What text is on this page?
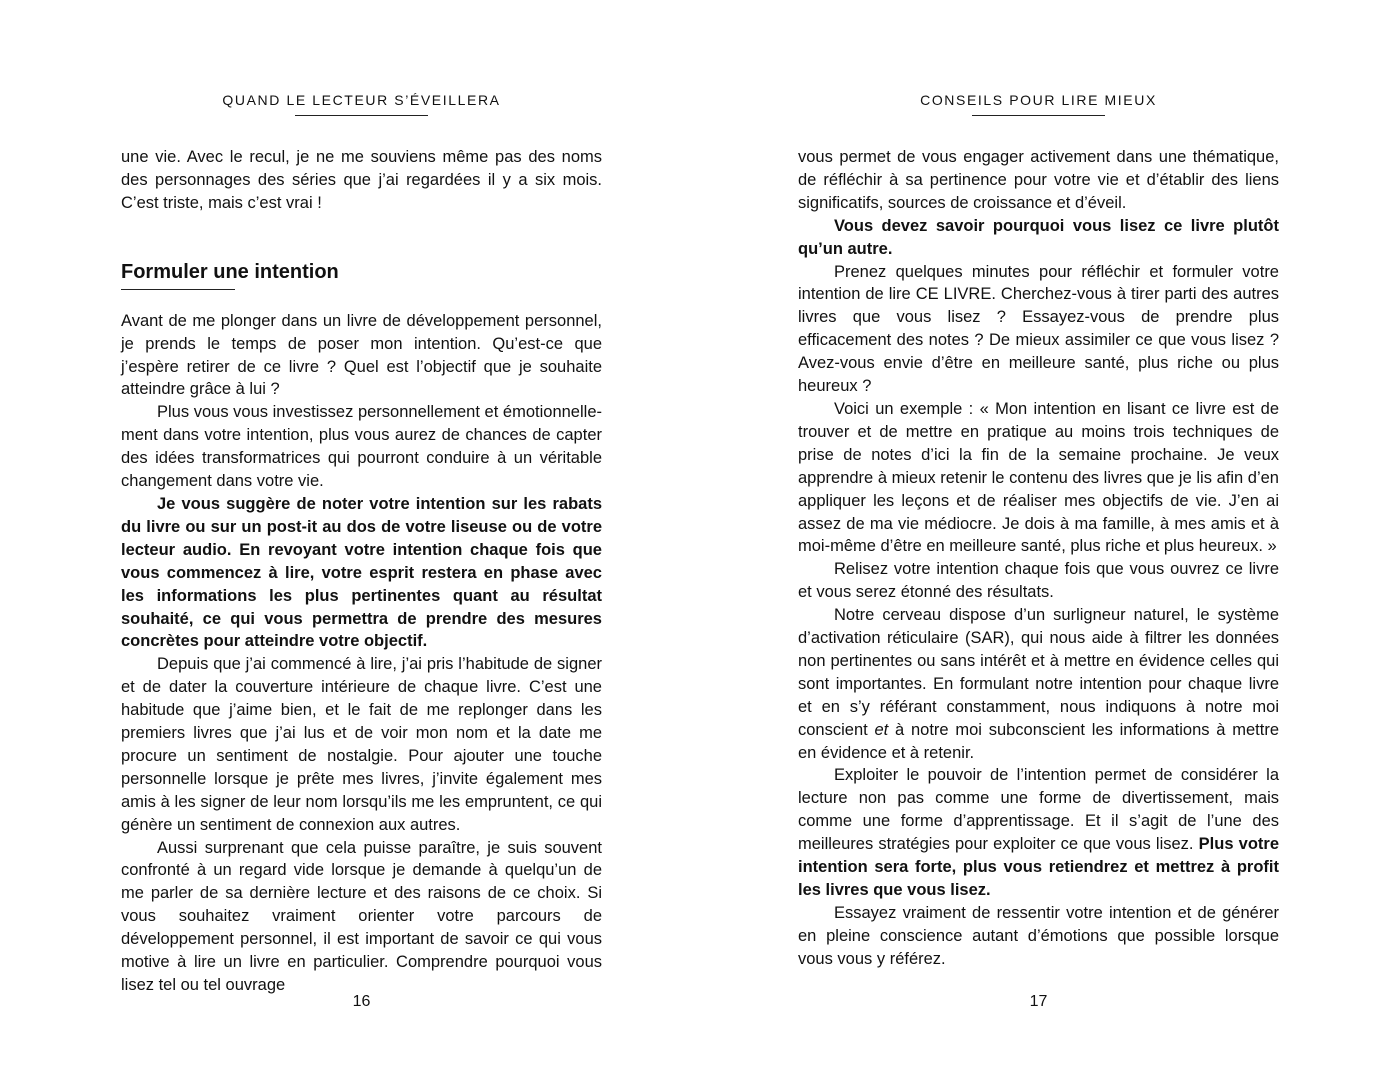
QUAND LE LECTEUR S’ÉVEILLERA

une vie. Avec le recul, je ne me souviens même pas des noms des personnages des séries que j’ai regardées il y a six mois. C’est triste, mais c’est vrai !

Formuler une intention

Avant de me plonger dans un livre de développement personnel, je prends le temps de poser mon intention. Qu’est-ce que j’espère retirer de ce livre ? Quel est l’objectif que je souhaite atteindre grâce à lui ?

Plus vous vous investissez personnellement et émotionnellement dans votre intention, plus vous aurez de chances de capter des idées transformatrices qui pourront conduire à un véritable changement dans votre vie.

Je vous suggère de noter votre intention sur les rabats du livre ou sur un post-it au dos de votre liseuse ou de votre lecteur audio. En revoyant votre intention chaque fois que vous commencez à lire, votre esprit restera en phase avec les informations les plus pertinentes quant au résultat souhaité, ce qui vous permettra de prendre des mesures concrètes pour atteindre votre objectif.

Depuis que j’ai commencé à lire, j’ai pris l’habitude de signer et de dater la couverture intérieure de chaque livre. C’est une habitude que j’aime bien, et le fait de me replonger dans les premiers livres que j’ai lus et de voir mon nom et la date me procure un sentiment de nostalgie. Pour ajouter une touche personnelle lorsque je prête mes livres, j’invite également mes amis à les signer de leur nom lorsqu’ils me les empruntent, ce qui génère un sentiment de connexion aux autres.

Aussi surprenant que cela puisse paraître, je suis souvent confronté à un regard vide lorsque je demande à quelqu’un de me parler de sa dernière lecture et des raisons de ce choix. Si vous souhaitez vraiment orienter votre parcours de développement personnel, il est important de savoir ce qui vous motive à lire un livre en particulier. Comprendre pourquoi vous lisez tel ou tel ouvrage

16
CONSEILS POUR LIRE MIEUX

vous permet de vous engager activement dans une thématique, de réfléchir à sa pertinence pour votre vie et d’établir des liens significatifs, sources de croissance et d’éveil.

Vous devez savoir pourquoi vous lisez ce livre plutôt qu’un autre.

Prenez quelques minutes pour réfléchir et formuler votre intention de lire CE LIVRE. Cherchez-vous à tirer parti des autres livres que vous lisez ? Essayez-vous de prendre plus efficacement des notes ? De mieux assimiler ce que vous lisez ? Avez-vous envie d’être en meilleure santé, plus riche ou plus heureux ?

Voici un exemple : « Mon intention en lisant ce livre est de trouver et de mettre en pratique au moins trois techniques de prise de notes d’ici la fin de la semaine prochaine. Je veux apprendre à mieux retenir le contenu des livres que je lis afin d’en appliquer les leçons et de réaliser mes objectifs de vie. J’en ai assez de ma vie médiocre. Je dois à ma famille, à mes amis et à moi-même d’être en meilleure santé, plus riche et plus heureux. »

Relisez votre intention chaque fois que vous ouvrez ce livre et vous serez étonné des résultats.

Notre cerveau dispose d’un surligneur naturel, le système d’activation réticulaire (SAR), qui nous aide à filtrer les données non pertinentes ou sans intérêt et à mettre en évidence celles qui sont importantes. En formulant notre intention pour chaque livre et en s’y référant constamment, nous indiquons à notre moi conscient et à notre moi subconscient les informations à mettre en évidence et à retenir.

Exploiter le pouvoir de l’intention permet de considérer la lecture non pas comme une forme de divertissement, mais comme une forme d’apprentissage. Et il s’agit de l’une des meilleures stratégies pour exploiter ce que vous lisez. Plus votre intention sera forte, plus vous retiendrez et mettrez à profit les livres que vous lisez.

Essayez vraiment de ressentir votre intention et de générer en pleine conscience autant d’émotions que possible lorsque vous vous y référez.

17
